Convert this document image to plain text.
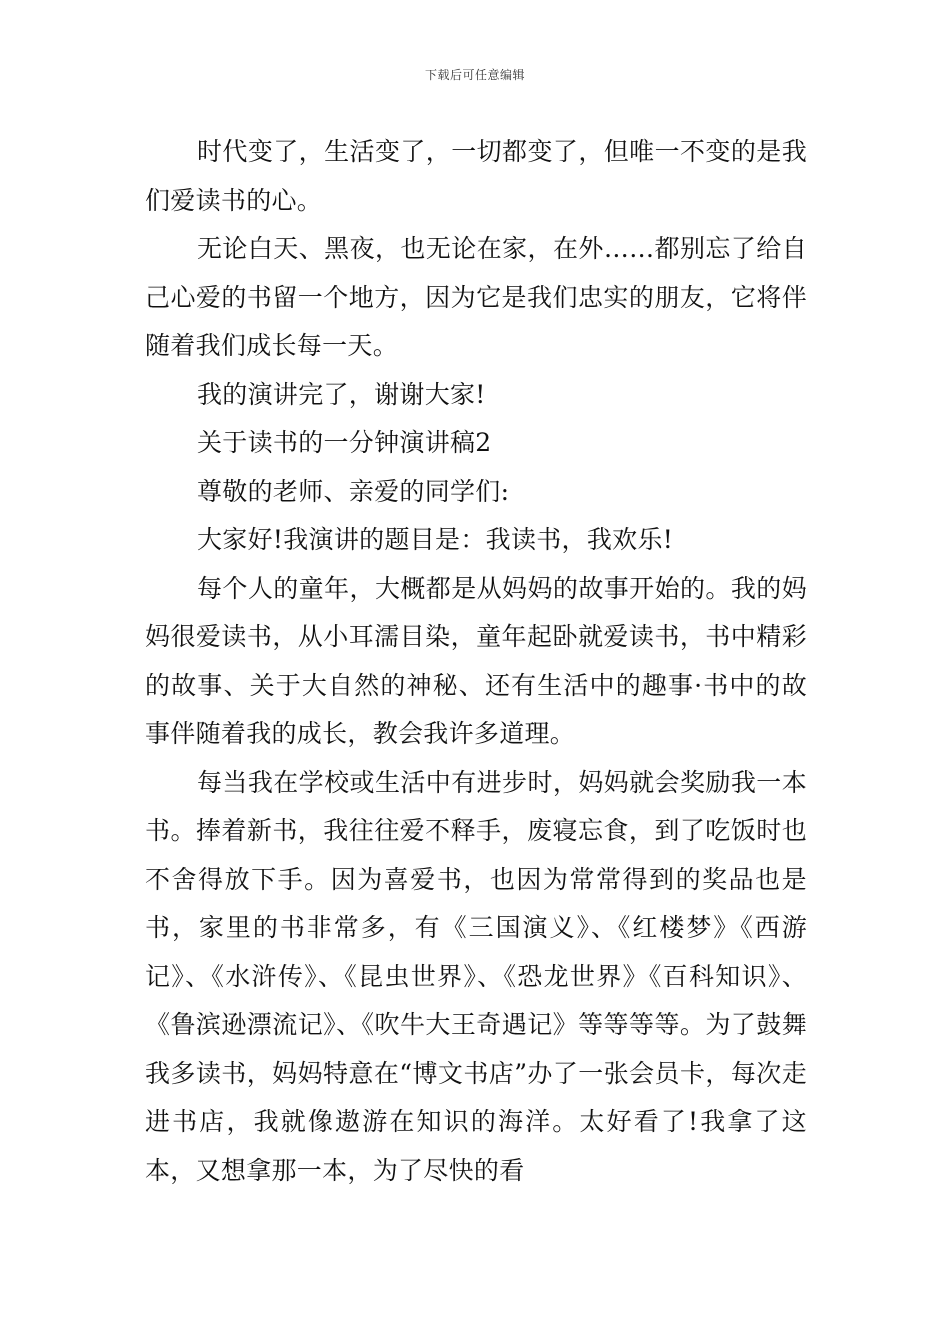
下载后可任意编辑

时代变了，生活变了，一切都变了，但唯一不变的是我们爱读书的心。

无论白天、黑夜，也无论在家，在外……都别忘了给自己心爱的书留一个地方，因为它是我们忠实的朋友，它将伴随着我们成长每一天。

我的演讲完了，谢谢大家!

关于读书的一分钟演讲稿2

尊敬的老师、亲爱的同学们:

大家好!我演讲的题目是：我读书，我欢乐!

每个人的童年，大概都是从妈妈的故事开始的。我的妈妈很爱读书，从小耳濡目染，童年起卧就爱读书，书中精彩的故事、关于大自然的神秘、还有生活中的趣事·书中的故事伴随着我的成长，教会我许多道理。

每当我在学校或生活中有进步时，妈妈就会奖励我一本书。捧着新书，我往往爱不释手，废寝忘食，到了吃饭时也不舍得放下手。因为喜爱书，也因为常常得到的奖品也是书，家里的书非常多，有《三国演义》、《红楼梦》《西游记》、《水浒传》、《昆虫世界》、《恐龙世界》《百科知识》、《鲁滨逊漂流记》、《吹牛大王奇遇记》等等等等。为了鼓舞我多读书，妈妈特意在“博文书店”办了一张会员卡，每次走进书店，我就像遨游在知识的海洋。太好看了!我拿了这本，又想拿那一本，为了尽快的看
